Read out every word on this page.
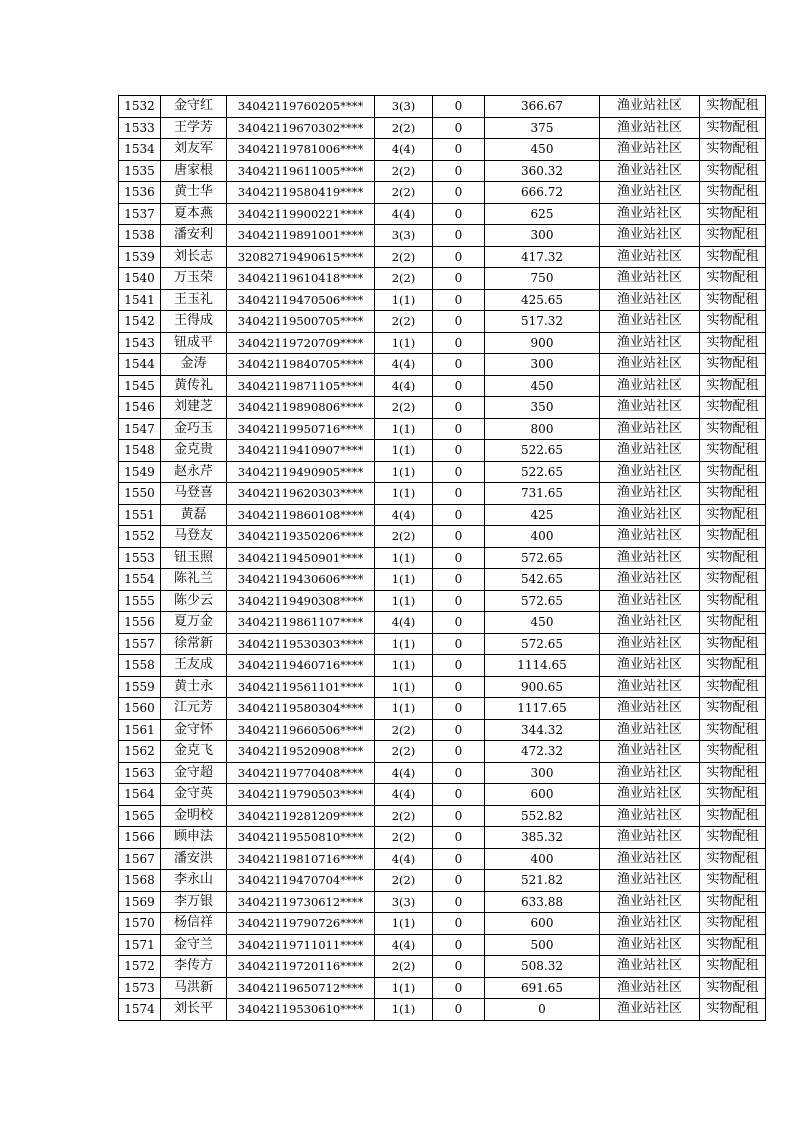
1532	金守红	34042119760205****	3(3)	0	366.67	渔业站社区	实物配租
1533	王学芳	34042119670302****	2(2)	0	375	渔业站社区	实物配租
1534	刘友军	34042119781006****	4(4)	0	450	渔业站社区	实物配租
1535	唐家根	34042119611005****	2(2)	0	360.32	渔业站社区	实物配租
1536	黄士华	34042119580419****	2(2)	0	666.72	渔业站社区	实物配租
1537	夏本燕	34042119900221****	4(4)	0	625	渔业站社区	实物配租
1538	潘安利	34042119891001****	3(3)	0	300	渔业站社区	实物配租
1539	刘长志	32082719490615****	2(2)	0	417.32	渔业站社区	实物配租
1540	万玉荣	34042119610418****	2(2)	0	750	渔业站社区	实物配租
1541	王玉礼	34042119470506****	1(1)	0	425.65	渔业站社区	实物配租
1542	王得成	34042119500705****	2(2)	0	517.32	渔业站社区	实物配租
1543	钮成平	34042119720709****	1(1)	0	900	渔业站社区	实物配租
1544	金涛	34042119840705****	4(4)	0	300	渔业站社区	实物配租
1545	黄传礼	34042119871105****	4(4)	0	450	渔业站社区	实物配租
1546	刘建芝	34042119890806****	2(2)	0	350	渔业站社区	实物配租
1547	金巧玉	34042119950716****	1(1)	0	800	渔业站社区	实物配租
1548	金克贵	34042119410907****	1(1)	0	522.65	渔业站社区	实物配租
1549	赵永芹	34042119490905****	1(1)	0	522.65	渔业站社区	实物配租
1550	马登喜	34042119620303****	1(1)	0	731.65	渔业站社区	实物配租
1551	黄磊	34042119860108****	4(4)	0	425	渔业站社区	实物配租
1552	马登友	34042119350206****	2(2)	0	400	渔业站社区	实物配租
1553	钮玉照	34042119450901****	1(1)	0	572.65	渔业站社区	实物配租
1554	陈礼兰	34042119430606****	1(1)	0	542.65	渔业站社区	实物配租
1555	陈少云	34042119490308****	1(1)	0	572.65	渔业站社区	实物配租
1556	夏万金	34042119861107****	4(4)	0	450	渔业站社区	实物配租
1557	徐常新	34042119530303****	1(1)	0	572.65	渔业站社区	实物配租
1558	王友成	34042119460716****	1(1)	0	1114.65	渔业站社区	实物配租
1559	黄士永	34042119561101****	1(1)	0	900.65	渔业站社区	实物配租
1560	江元芳	34042119580304****	1(1)	0	1117.65	渔业站社区	实物配租
1561	金守怀	34042119660506****	2(2)	0	344.32	渔业站社区	实物配租
1562	金克飞	34042119520908****	2(2)	0	472.32	渔业站社区	实物配租
1563	金守超	34042119770408****	4(4)	0	300	渔业站社区	实物配租
1564	金守英	34042119790503****	4(4)	0	600	渔业站社区	实物配租
1565	金明校	34042119281209****	2(2)	0	552.82	渔业站社区	实物配租
1566	顾申法	34042119550810****	2(2)	0	385.32	渔业站社区	实物配租
1567	潘安洪	34042119810716****	4(4)	0	400	渔业站社区	实物配租
1568	李永山	34042119470704****	2(2)	0	521.82	渔业站社区	实物配租
1569	李万银	34042119730612****	3(3)	0	633.88	渔业站社区	实物配租
1570	杨信祥	34042119790726****	1(1)	0	600	渔业站社区	实物配租
1571	金守兰	34042119711011****	4(4)	0	500	渔业站社区	实物配租
1572	李传方	34042119720116****	2(2)	0	508.32	渔业站社区	实物配租
1573	马洪新	34042119650712****	1(1)	0	691.65	渔业站社区	实物配租
1574	刘长平	34042119530610****	1(1)	0	0	渔业站社区	实物配租
